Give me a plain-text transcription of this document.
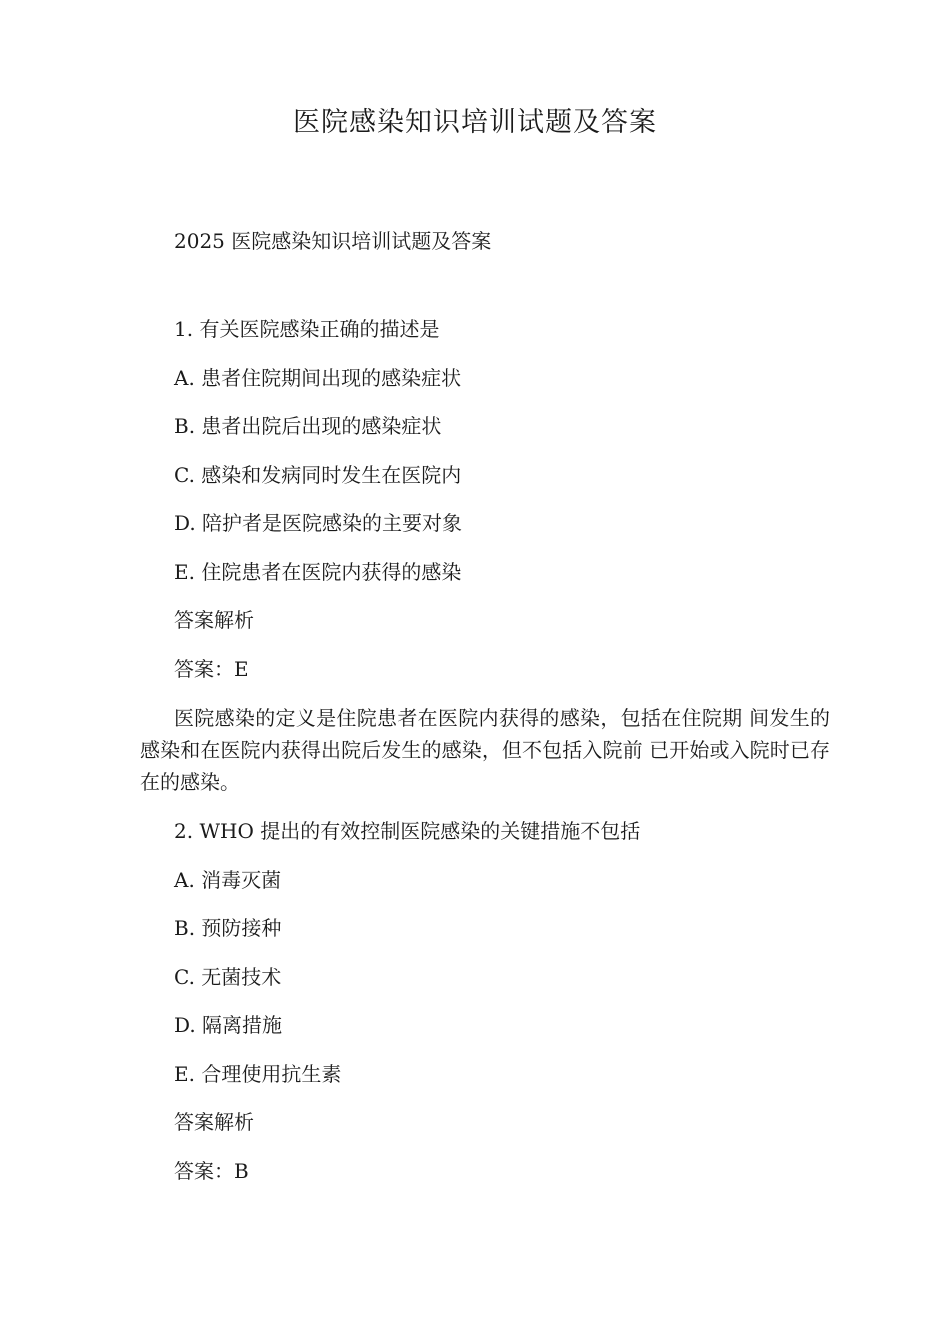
医院感染知识培训试题及答案
2025 医院感染知识培训试题及答案
1. 有关医院感染正确的描述是
A. 患者住院期间出现的感染症状
B. 患者出院后出现的感染症状
C. 感染和发病同时发生在医院内
D. 陪护者是医院感染的主要对象
E. 住院患者在医院内获得的感染
答案解析
答案：E
医院感染的定义是住院患者在医院内获得的感染，包括在住院期 间发生的感染和在医院内获得出院后发生的感染，但不包括入院前 已开始或入院时已存在的感染。
2. WHO 提出的有效控制医院感染的关键措施不包括
A. 消毒灭菌
B. 预防接种
C. 无菌技术
D. 隔离措施
E. 合理使用抗生素
答案解析
答案：B
